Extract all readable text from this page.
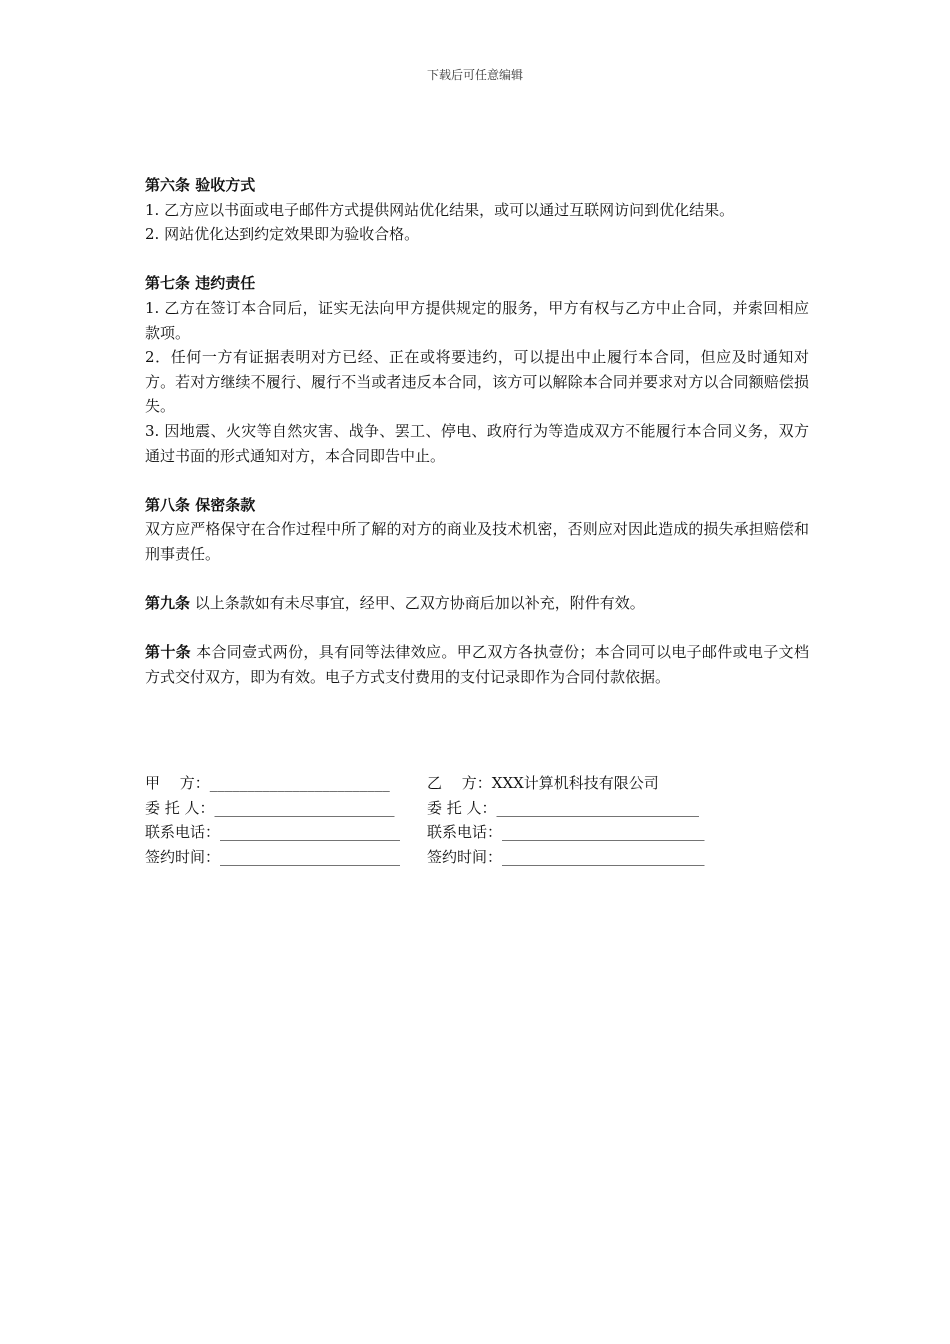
下载后可任意编辑
第六条 验收方式

1. 乙方应以书面或电子邮件方式提供网站优化结果，或可以通过互联网访问到优化结果。

2. 网站优化达到约定效果即为验收合格。

第七条 违约责任

1. 乙方在签订本合同后，证实无法向甲方提供规定的服务，甲方有权与乙方中止合同，并索回相应款项。

2．任何一方有证据表明对方已经、正在或将要违约，可以提出中止履行本合同，但应及时通知对方。若对方继续不履行、履行不当或者违反本合同，该方可以解除本合同并要求对方以合同额赔偿损失。

3. 因地震、火灾等自然灾害、战争、罢工、停电、政府行为等造成双方不能履行本合同义务，双方通过书面的形式通知对方，本合同即告中止。

第八条 保密条款

双方应严格保守在合作过程中所了解的对方的商业及技术机密，否则应对因此造成的损失承担赔偿和刑事责任。

第九条 以上条款如有未尽事宜，经甲、乙双方协商后加以补充，附件有效。

第十条 本合同壹式两份，具有同等法律效应。甲乙双方各执壹份；本合同可以电子邮件或电子文档方式交付双方，即为有效。电子方式支付费用的支付记录即作为合同付款依据。

甲　 方：________________________ 乙　 方：XXX计算机科技有限公司
委 托 人：________________________ 委 托 人：___________________________
联系电话：________________________ 联系电话：___________________________
签约时间：________________________ 签约时间：___________________________
